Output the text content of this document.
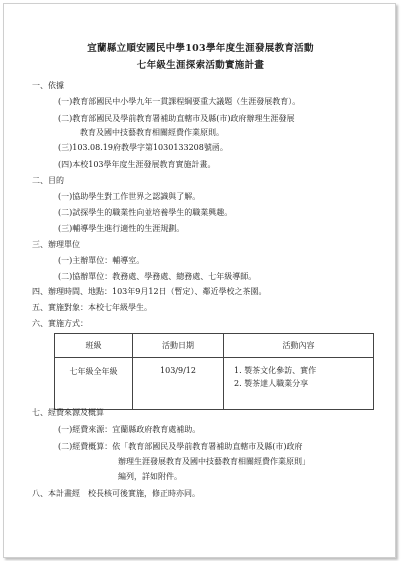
宜蘭縣立順安國民中學103學年度生涯發展教育活動
七年級生涯探索活動實施計畫
一、依據
(一)教育部國民中小學九年一貫課程綱要重大議題（生涯發展教育）。
(二)教育部國民及學前教育署補助直轄市及縣(市)政府辦理生涯發展
教育及國中技藝教育相關經費作業原則。
(三)103.08.19府教學字第1030133208號函。
(四)本校103學年度生涯發展教育實施計畫。
二、目的
(一)協助學生對工作世界之認識與了解。
(二)試探學生的職業性向並培養學生的職業興趣。
(三)輔導學生進行適性的生涯規劃。
三、辦理單位
(一)主辦單位：輔導室。
(二)協辦單位：教務處、學務處、總務處、七年級導師。
四、辦理時間、地點：103年9月12日（暫定）、鄰近學校之茶園。
五、實施對象：本校七年級學生。
六、實施方式：
班級	活動日期	活動內容
七年級全年級	103/9/12	1. 製茶文化參訪、實作
2. 製茶達人職業分享
七、經費來源及概算
(一)經費來源：宜蘭縣政府教育處補助。
(二)經費概算：依「教育部國民及學前教育署補助直轄市及縣(市)政府
辦理生涯發展教育及國中技藝教育相關經費作業原則」
編列，詳如附件。
八、本計畫經　校長核可後實施，修正時亦同。
